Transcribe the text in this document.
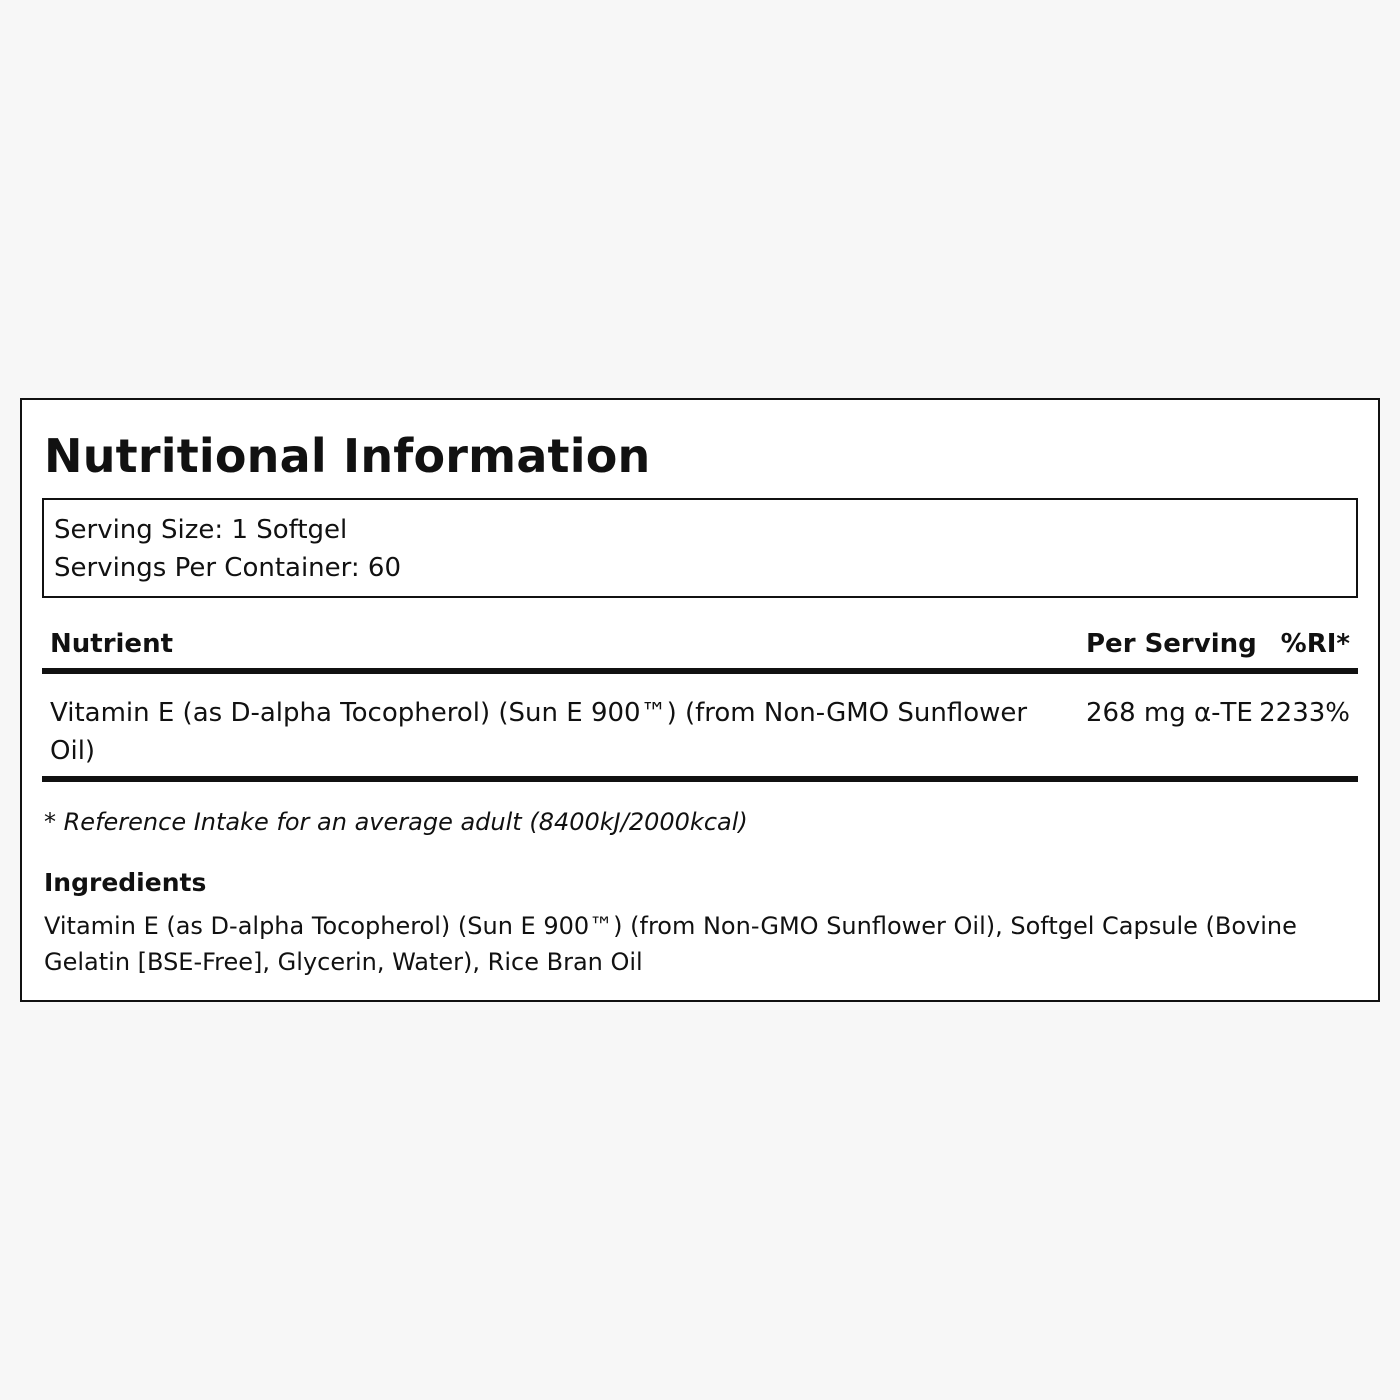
Nutritional Information
Serving Size: 1 Softgel
Servings Per Container: 60
Nutrient	Per Serving %RI*
Vitamin E (as D-alpha Tocopherol) (Sun E 900™) (from Non-GMO Sunflower Oil)
268 mg α-TE 2233%
* Reference Intake for an average adult (8400kJ/2000kcal)
Ingredients
Vitamin E (as D-alpha Tocopherol) (Sun E 900™) (from Non-GMO Sunflower Oil), Softgel Capsule (Bovine Gelatin [BSE-Free], Glycerin, Water), Rice Bran Oil
